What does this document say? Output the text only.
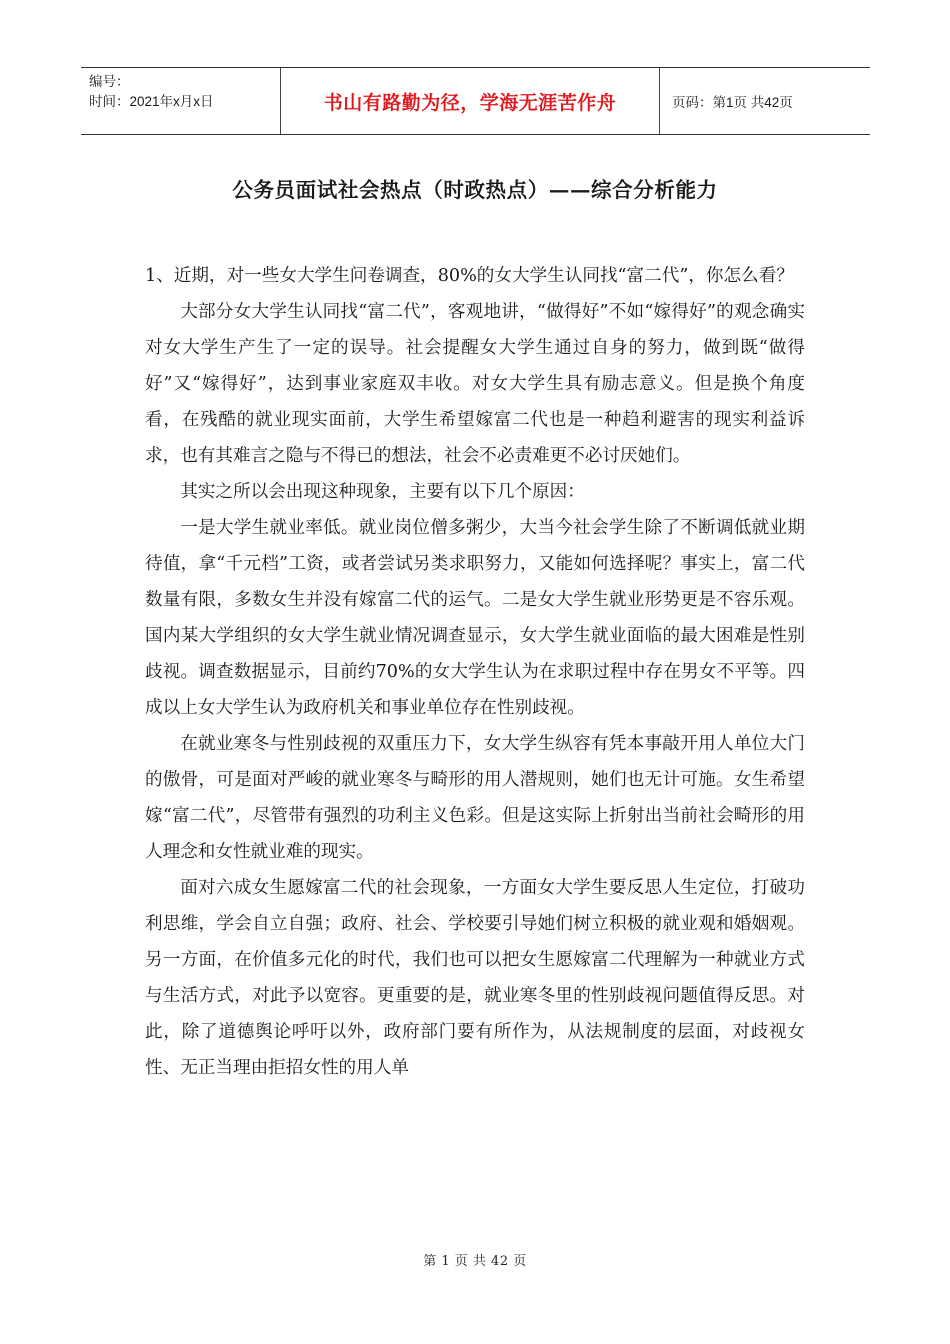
编号：
时间：2021年x月x日	书山有路勤为径，学海无涯苦作舟	页码：第1页 共42页
公务员面试社会热点（时政热点）——综合分析能力

1、近期，对一些女大学生问卷调查，80%的女大学生认同找“富二代”，你怎么看？

大部分女大学生认同找“富二代”，客观地讲，“做得好”不如“嫁得好”的观念确实对女大学生产生了一定的误导。社会提醒女大学生通过自身的努力，做到既“做得好”又“嫁得好”，达到事业家庭双丰收。对女大学生具有励志意义。但是换个角度看，在残酷的就业现实面前，大学生希望嫁富二代也是一种趋利避害的现实利益诉求，也有其难言之隐与不得已的想法，社会不必责难更不必讨厌她们。

其实之所以会出现这种现象，主要有以下几个原因：

一是大学生就业率低。就业岗位僧多粥少，大当今社会学生除了不断调低就业期待值，拿“千元档”工资，或者尝试另类求职努力，又能如何选择呢？事实上，富二代数量有限，多数女生并没有嫁富二代的运气。二是女大学生就业形势更是不容乐观。国内某大学组织的女大学生就业情况调查显示，女大学生就业面临的最大困难是性别歧视。调查数据显示，目前约70%的女大学生认为在求职过程中存在男女不平等。四成以上女大学生认为政府机关和事业单位存在性别歧视。

在就业寒冬与性别歧视的双重压力下，女大学生纵容有凭本事敲开用人单位大门的傲骨，可是面对严峻的就业寒冬与畸形的用人潜规则，她们也无计可施。女生希望嫁“富二代”，尽管带有强烈的功利主义色彩。但是这实际上折射出当前社会畸形的用人理念和女性就业难的现实。

面对六成女生愿嫁富二代的社会现象，一方面女大学生要反思人生定位，打破功利思维，学会自立自强；政府、社会、学校要引导她们树立积极的就业观和婚姻观。另一方面，在价值多元化的时代，我们也可以把女生愿嫁富二代理解为一种就业方式与生活方式，对此予以宽容。更重要的是，就业寒冬里的性别歧视问题值得反思。对此，除了道德舆论呼吁以外，政府部门要有所作为，从法规制度的层面，对歧视女性、无正当理由拒招女性的用人单

第 1 页 共 42 页
